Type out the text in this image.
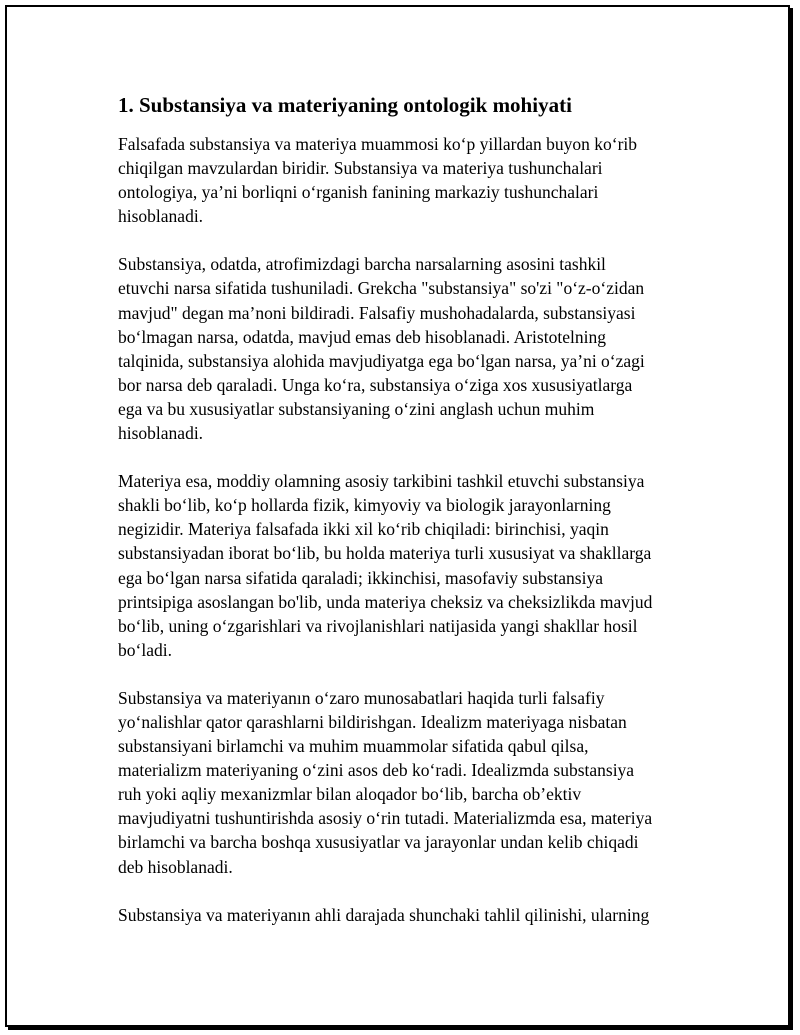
1. Substansiya va materiyaning ontologik mohiyati

Falsafada substansiya va materiya muammosi ko‘p yillardan buyon ko‘rib
chiqilgan mavzulardan biridir. Substansiya va materiya tushunchalari
ontologiya, ya’ni borliqni o‘rganish fanining markaziy tushunchalari
hisoblanadi.

Substansiya, odatda, atrofimizdagi barcha narsalarning asosini tashkil
etuvchi narsa sifatida tushuniladi. Grekcha "substansiya" so'zi "o‘z-o‘zidan
mavjud" degan ma’noni bildiradi. Falsafiy mushohadalarda, substansiyasi
bo‘lmagan narsa, odatda, mavjud emas deb hisoblanadi. Aristotelning
talqinida, substansiya alohida mavjudiyatga ega bo‘lgan narsa, ya’ni o‘zagi
bor narsa deb qaraladi. Unga ko‘ra, substansiya o‘ziga xos xususiyatlarga
ega va bu xususiyatlar substansiyaning o‘zini anglash uchun muhim
hisoblanadi.

Materiya esa, moddiy olamning asosiy tarkibini tashkil etuvchi substansiya
shakli bo‘lib, ko‘p hollarda fizik, kimyoviy va biologik jarayonlarning
negizidir. Materiya falsafada ikki xil ko‘rib chiqiladi: birinchisi, yaqin
substansiyadan iborat bo‘lib, bu holda materiya turli xususiyat va shakllarga
ega bo‘lgan narsa sifatida qaraladi; ikkinchisi, masofaviy substansiya
printsipiga asoslangan bo'lib, unda materiya cheksiz va cheksizlikda mavjud
bo‘lib, uning o‘zgarishlari va rivojlanishlari natijasida yangi shakllar hosil
bo‘ladi.

Substansiya va materiyanın o‘zaro munosabatlari haqida turli falsafiy
yo‘nalishlar qator qarashlarni bildirishgan. Idealizm materiyaga nisbatan
substansiyani birlamchi va muhim muammolar sifatida qabul qilsa,
materializm materiyaning o‘zini asos deb ko‘radi. Idealizmda substansiya
ruh yoki aqliy mexanizmlar bilan aloqador bo‘lib, barcha ob’ektiv
mavjudiyatni tushuntirishda asosiy o‘rin tutadi. Materializmda esa, materiya
birlamchi va barcha boshqa xususiyatlar va jarayonlar undan kelib chiqadi
deb hisoblanadi.

Substansiya va materiyanın ahli darajada shunchaki tahlil qilinishi, ularning
